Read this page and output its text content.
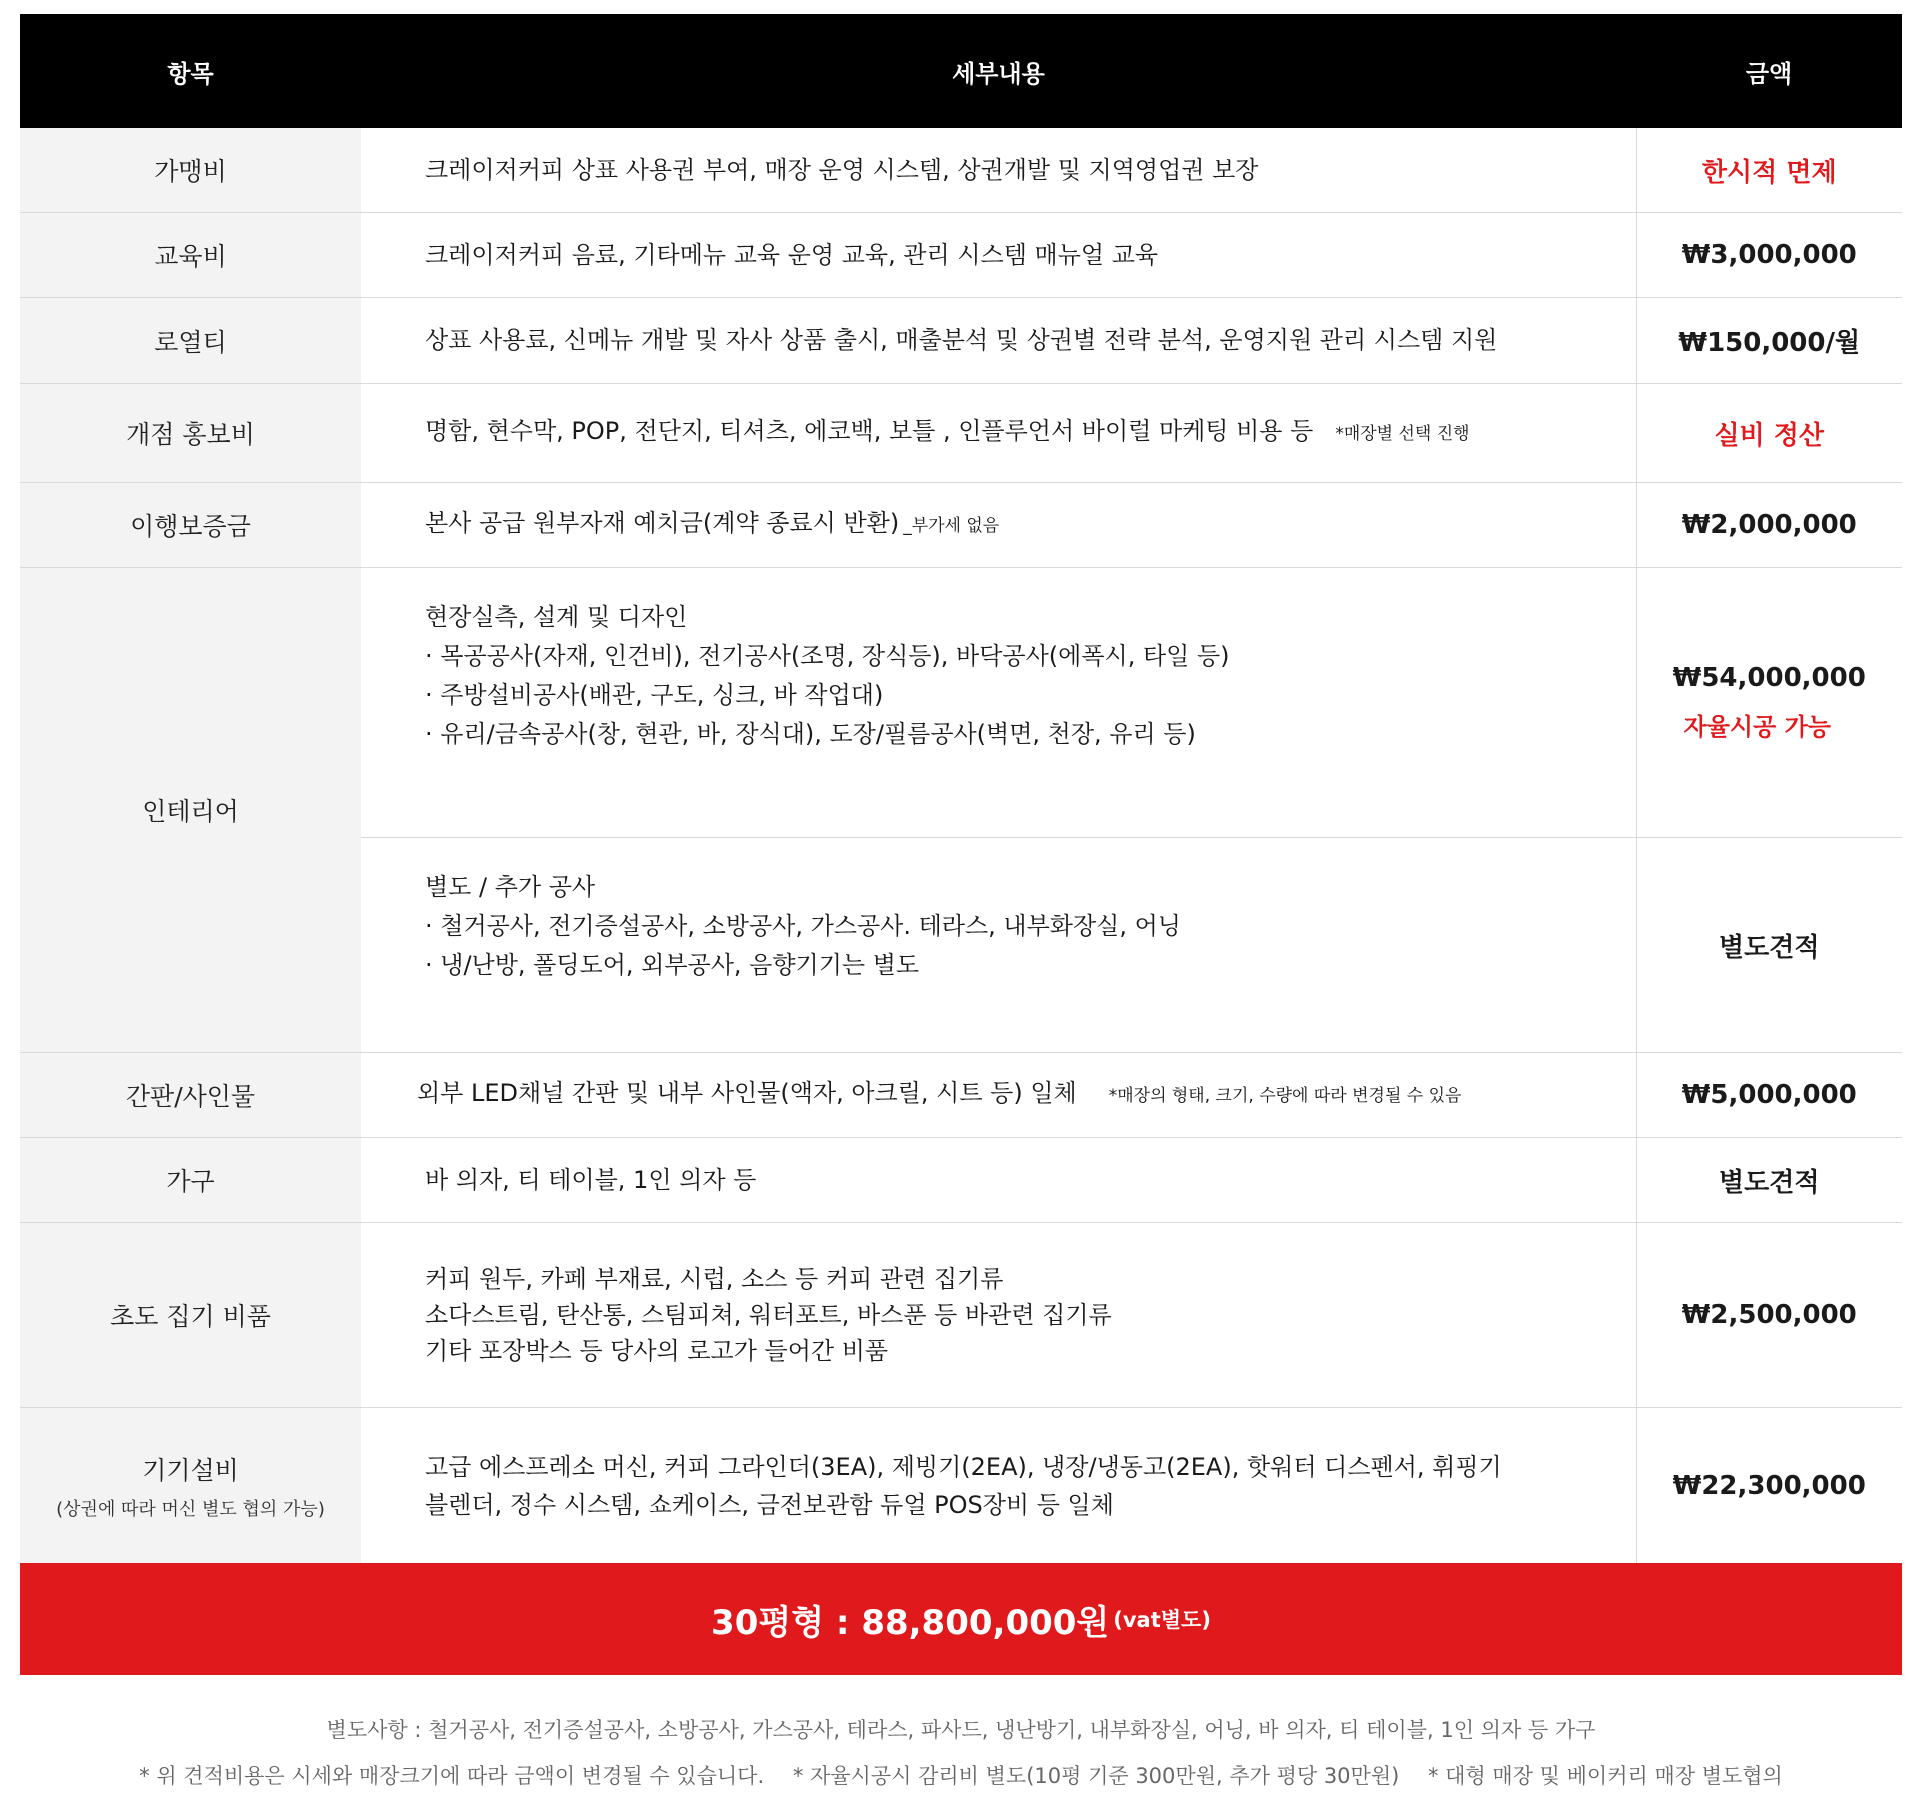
항목	세부내용	금액
가맹비	크레이저커피 상표 사용권 부여, 매장 운영 시스템, 상권개발 및 지역영업권 보장	한시적 면제
교육비	크레이저커피 음료, 기타메뉴 교육 운영 교육, 관리 시스템 매뉴얼 교육	₩3,000,000
로열티	상표 사용료, 신메뉴 개발 및 자사 상품 출시, 매출분석 및 상권별 전략 분석, 운영지원 관리 시스템 지원	₩150,000/월
개점 홍보비	명함, 현수막, POP, 전단지, 티셔츠, 에코백, 보틀 , 인플루언서 바이럴 마케팅 비용 등 *매장별 선택 진행	실비 정산
이행보증금	본사 공급 원부자재 예치금(계약 종료시 반환) _부가세 없음	₩2,000,000
인테리어	현장실측, 설계 및 디자인
· 목공공사(자재, 인건비), 전기공사(조명, 장식등), 바닥공사(에폭시, 타일 등)
· 주방설비공사(배관, 구도, 싱크, 바 작업대)
· 유리/금속공사(창, 현관, 바, 장식대), 도장/필름공사(벽면, 천장, 유리 등)	₩54,000,000
자율시공 가능

	별도 / 추가 공사
· 철거공사, 전기증설공사, 소방공사, 가스공사. 테라스, 내부화장실, 어닝
· 냉/난방, 폴딩도어, 외부공사, 음향기기는 별도	별도견적
간판/사인물	외부 LED채널 간판 및 내부 사인물(액자, 아크릴, 시트 등) 일체 *매장의 형태, 크기, 수량에 따라 변경될 수 있음	₩5,000,000
가구	바 의자, 티 테이블, 1인 의자 등	별도견적
초도 집기 비품	커피 원두, 카페 부재료, 시럽, 소스 등 커피 관련 집기류
소다스트림, 탄산통, 스팀피쳐, 워터포트, 바스푼 등 바관련 집기류
기타 포장박스 등 당사의 로고가 들어간 비품	₩2,500,000
기기설비
(상권에 따라 머신 별도 협의 가능)	고급 에스프레소 머신, 커피 그라인더(3EA), 제빙기(2EA), 냉장/냉동고(2EA), 핫워터 디스펜서, 휘핑기
블렌더, 정수 시스템, 쇼케이스, 금전보관함 듀얼 POS장비 등 일체	₩22,300,000
30평형 : 88,800,000원 (vat별도)
별도사항 : 철거공사, 전기증설공사, 소방공사, 가스공사, 테라스, 파사드, 냉난방기, 내부화장실, 어닝, 바 의자, 티 테이블, 1인 의자 등 가구
* 위 견적비용은 시세와 매장크기에 따라 금액이 변경될 수 있습니다. * 자율시공시 감리비 별도(10평 기준 300만원, 추가 평당 30만원) * 대형 매장 및 베이커리 매장 별도협의
